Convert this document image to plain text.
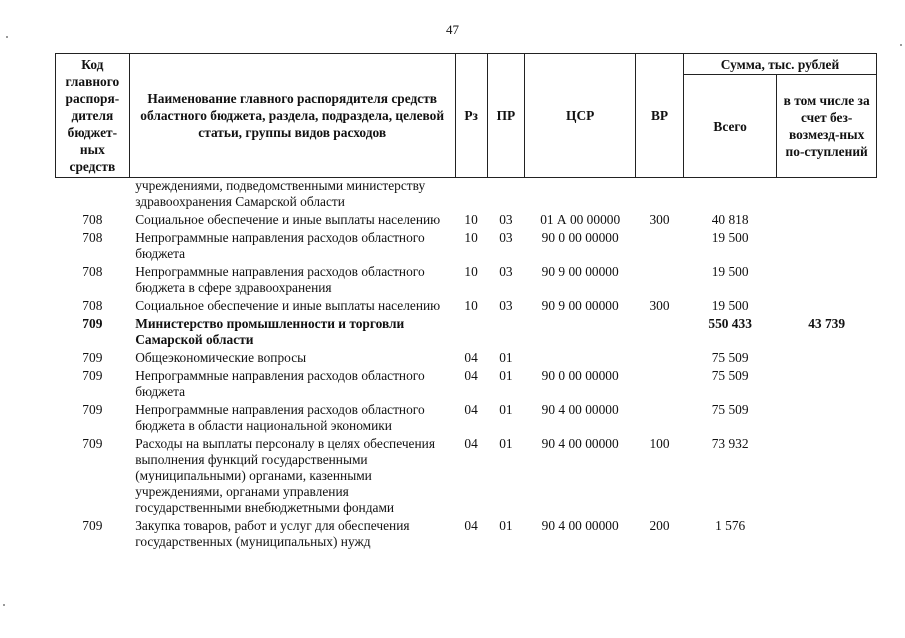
47
Код главного распоря-дителя бюджет-ных средств	Наименование главного распорядителя средств областного бюджета, раздела, подраздела, целевой статьи, группы видов расходов	Рз	ПР	ЦСР	ВР	Сумма, тыс. рублей	
						Всего	в том числе за счет без-возмезд-ных по-ступлений
	учреждениями, подведомственными министерству здравоохранения Самарской области						
708	Социальное обеспечение и иные выплаты населению	10	03	01 А 00 00000	300	40 818	
708	Непрограммные направления расходов областного бюджета	10	03	90 0 00 00000		19 500	
708	Непрограммные направления расходов областного бюджета в сфере здравоохранения	10	03	90 9 00 00000		19 500	
708	Социальное обеспечение и иные выплаты населению	10	03	90 9 00 00000	300	19 500	
709	Министерство промышленности и торговли Самарской области					550 433	43 739
709	Общеэкономические вопросы	04	01			75 509	
709	Непрограммные направления расходов областного бюджета	04	01	90 0 00 00000		75 509	
709	Непрограммные направления расходов областного бюджета в области национальной экономики	04	01	90 4 00 00000		75 509	
709	Расходы на выплаты персоналу в целях обеспечения выполнения функций государственными (муниципальными) органами, казенными учреждениями, органами управления государственными внебюджетными фондами	04	01	90 4 00 00000	100	73 932	
709	Закупка товаров, работ и услуг для обеспечения государственных (муниципальных) нужд	04	01	90 4 00 00000	200	1 576	
